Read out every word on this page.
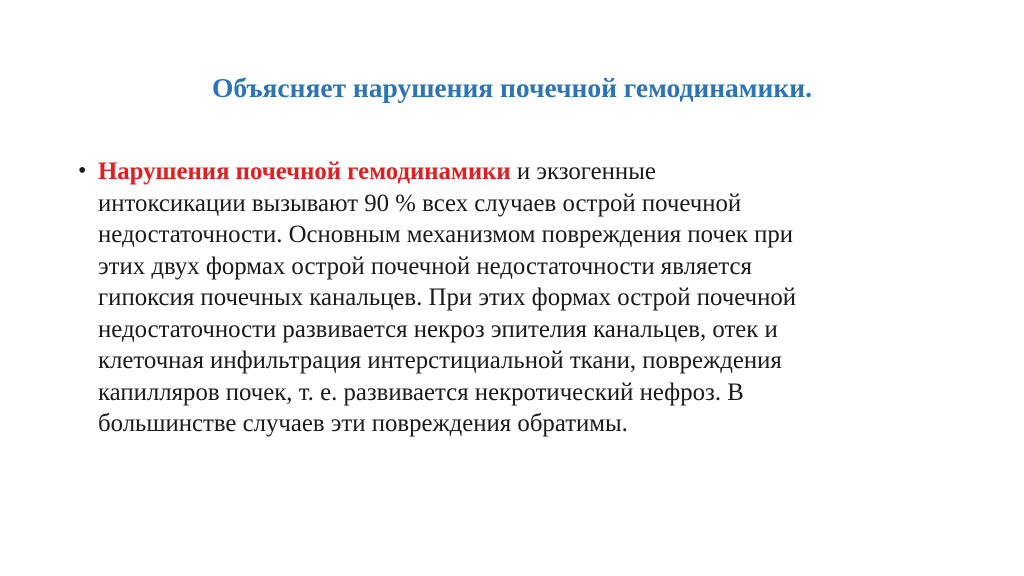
Объясняет нарушения почечной гемодинамики.
• Нарушения почечной гемодинамики и экзогенные
интоксикации вызывают 90 % всех случаев острой почечной
недостаточности. Основным механизмом повреждения почек при
этих двух формах острой почечной недостаточности является
гипоксия почечных канальцев. При этих формах острой почечной
недостаточности развивается некроз эпителия канальцев, отек и
клеточная инфильтрация интерстициальной ткани, повреждения
капилляров почек, т. е. развивается некротический нефроз. В
большинстве случаев эти повреждения обратимы.
